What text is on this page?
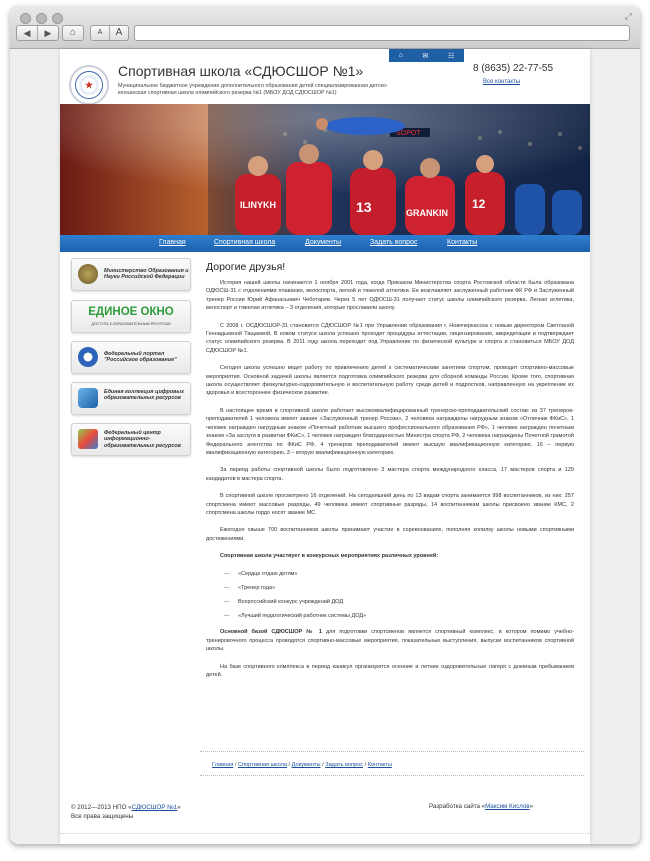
⤢
◀	▶	⌂	A	A
⌂	✉	☷
★
Спортивная школа «СДЮСШОР №1»
Муниципальное бюджетное учреждение дополнительного образования детей специализированная детско-юношеская спортивная школа олимпийского резерва №1 (МБОУ ДОД СДЮСШОР №1)
8 (8635) 22-77-55
Все контакты
SOPOT
ILINYKH	13	GRANKIN
12
Главная	Спортивная школа	Документы	Задать вопрос	Контакты
Министерство Образования и Науки Российской Федерации
ЕДИНОЕ ОКНО
ДОСТУПА К ОБРАЗОВАТЕЛЬНЫМ РЕСУРСАМ
Федеральный портал "Российское образование"
Единая коллекция цифровых образовательных ресурсов
Федеральный центр информационно-образовательных ресурсов
Дорогие друзья!

История нашей школы начинается 1 ноября 2001 года, когда Приказом Министерства спорта Ростовской области была образована ОДЮСШ-31 с отделениями плавания, велоспорта, легкой и тяжелой атлетики. Ее возглавляет заслуженный работник ФК РФ и Заслуженный тренер России Юрий Афанасьевич Чеботарев. Через 5 лет ОДЮСШ-31 получает статус школы олимпийского резерва. Легкая атлетика, велоспорт и тяжелая атлетика – 3 отделения, которые прославили школу.

С 2008 г. ОСДЮСШОР-31 становится СДЮСШОР №1 при Управлении образования г. Новочеркасска с новым директором Светланой Геннадьевной Тащаевой. В новом статусе школа успешно проходит процедуры аттестации, лицензирования, аккредитации и подтверждает статус олимпийского резерва. В 2011 году школа переходит под Управление по физической культуре и спорта и становиться МБОУ ДОД СДЮСШОР №1.

Сегодня школа успешно ведет работу по привлечению детей к систематическим занятиям спортом, проводит спортивно-массовые мероприятия. Основной задачей школы является подготовка олимпийского резерва для сборной команды России. Кроме того, спортивная школа осуществляет физкультурно-оздоровительную и воспитательную работу среди детей и подростков, направленную на укрепление их здоровья и всестороннее физическое развитие.

В настоящее время в спортивной школе работает высококвалифицированный тренерско-преподавательский состав: из 37 тренеров-преподавателей 1 человека имеют звание «Заслуженный тренер России», 2 человека награждены нагрудным знаком «Отличник ФКиС», 1 человек награжден нагрудным знаком «Почетный работник высшего профессионального образования РФ», 1 человек награжден почетным знаком «За заслуги в развитии ФКиС», 1 человек награжден благодарностью Министра спорта РФ, 2 человека награждены Почетной грамотой Федерального агентства по ФКиС РФ, 4 тренеров преподавателей имеют высшую квалификационную категорию, 16 – первую квалификационную категорию, 3 – вторую квалификационную категорию.

За период работы спортивной школы было подготовлено 3 мастера спорта международного класса, 17 мастеров спорта и 129 кандидатов в мастера спорта.

В спортивной школе просмотрено 16 отделений. На сегодняшний день по 13 видам спорта занимается 998 воспитанников, из них: 257 спортсмена имеют массовые разряды, 49 человека имеют спортивные разряды, 14 воспитанникам школы присвоено звание КМС, 2 спортсмена школы гордо носят звание МС.

Ежегодно свыше 700 воспитанников школы принимают участие в соревнованиях, пополняя копилку школы новыми спортивными достижениями.

Спортивная школа участвует в конкурсных мероприятиях различных уровней:

— «Сердце отдаю детям»
— «Тренер года»
— Всероссийский конкурс учреждений ДОД
— «Лучший педагогический работник системы ДОД»

Основной базой СДЮСШОР № 1 для подготовки спортсменов является спортивный комплекс, в котором помимо учебно-тренировочного процесса проводятся спортивно-массовые мероприятия, показательные выступления, выпуски воспитанников спортивной школы.

На базе спортивного комплекса в период каникул организуются осенние и летние оздоровительные лагеря с дневным пребыванием детей.

Главная / Спортивная школа / Документы / Задать вопрос / Контакты
© 2012—2013 НПО «СДЮСШОР №1»
Все права защищены
Разработка сайта «Максим Кислов»
